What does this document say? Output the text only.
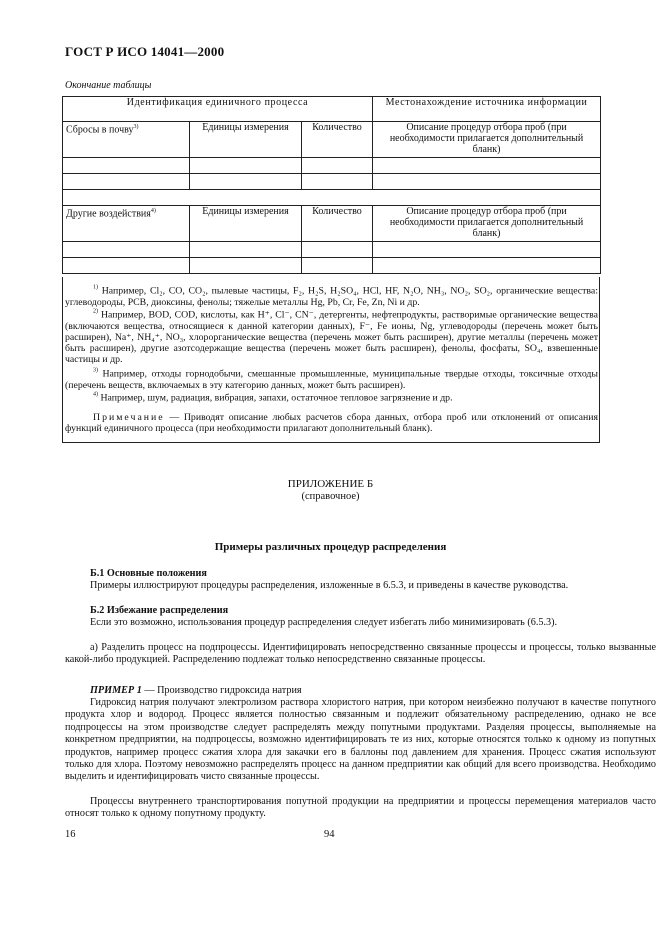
ГОСТ Р ИСО 14041—2000
Окончание таблицы
Идентификация единичного процесса			Местонахождение источника информации
Сбросы в почву$^{3)}$	Единицы измерения	Количество	Описание процедур отбора проб (при необходимости прилагается дополнительный бланк)

Другие воздействия$^{4)}$	Единицы измерения	Количество	Описание процедур отбора проб (при необходимости прилагается дополнительный бланк)

$^{1)}$ Например, Cl₂, CO, CO₂, пылевые частицы, F₂, H₂S, H₂SO₄, HCl, HF, N₂O, NH₃, NO₂, SO₂, органические вещества: углеводороды, PCB, диоксины, фенолы; тяжелые металлы Hg, Pb, Cr, Fe, Zn, Ni и др.
$^{2)}$ Например, BOD, COD, кислоты, как H⁺, Cl⁻, CN⁻, детергенты, нефтепродукты, растворимые органические вещества (включаются вещества, относящиеся к данной категории данных), F⁻, Fe ионы, Ng, углеводороды (перечень может быть расширен), Na⁺, NH₄⁺, NO₃, хлорорганические вещества (перечень может быть расширен), другие металлы (перечень может быть расширен), другие азотсодержащие вещества (перечень может быть расширен), фенолы, фосфаты, SO₄, взвешенные частицы и др.
$^{3)}$ Например, отходы горнодобычи, смешанные промышленные, муниципальные твердые отходы, токсичные отходы (перечень веществ, включаемых в эту категорию данных, может быть расширен).
$^{4)}$ Например, шум, радиация, вибрация, запахи, остаточное тепловое загрязнение и др.
Примечание — Приводят описание любых расчетов сбора данных, отбора проб или отклонений от описания функций единичного процесса (при необходимости прилагают дополнительный бланк).
ПРИЛОЖЕНИЕ Б
(справочное)
Примеры различных процедур распределения
Б.1 Основные положения
Примеры иллюстрируют процедуры распределения, изложенные в 6.5.3, и приведены в качестве руководства.
Б.2 Избежание распределения
Если это возможно, использования процедур распределения следует избегать либо минимизировать (6.5.3).
а) Разделить процесс на подпроцессы. Идентифицировать непосредственно связанные процессы и процессы, только вызванные какой-либо продукцией. Распределению подлежат только непосредственно связанные процессы.
ПРИМЕР 1 — Производство гидроксида натрия
Гидроксид натрия получают электролизом раствора хлористого натрия, при котором неизбежно получают в качестве попутного продукта хлор и водород. Процесс является полностью связанным и подлежит обязательному распределению, однако не все подпроцессы на этом производстве следует распределять между попутными продуктами. Разделяя процессы, выполняемые на конкретном предприятии, на подпроцессы, возможно идентифицировать те из них, которые относятся только к одному из попутных продуктов, например процесс сжатия хлора для закачки его в баллоны под давлением для хранения. Процесс сжатия используют только для хлора. Поэтому невозможно распределять процесс на данном предприятии как общий для всего производства. Необходимо выделить и идентифицировать чисто связанные процессы.
Процессы внутреннего транспортирования попутной продукции на предприятии и процессы перемещения материалов часто относят только к одному попутному продукту.
16	94
